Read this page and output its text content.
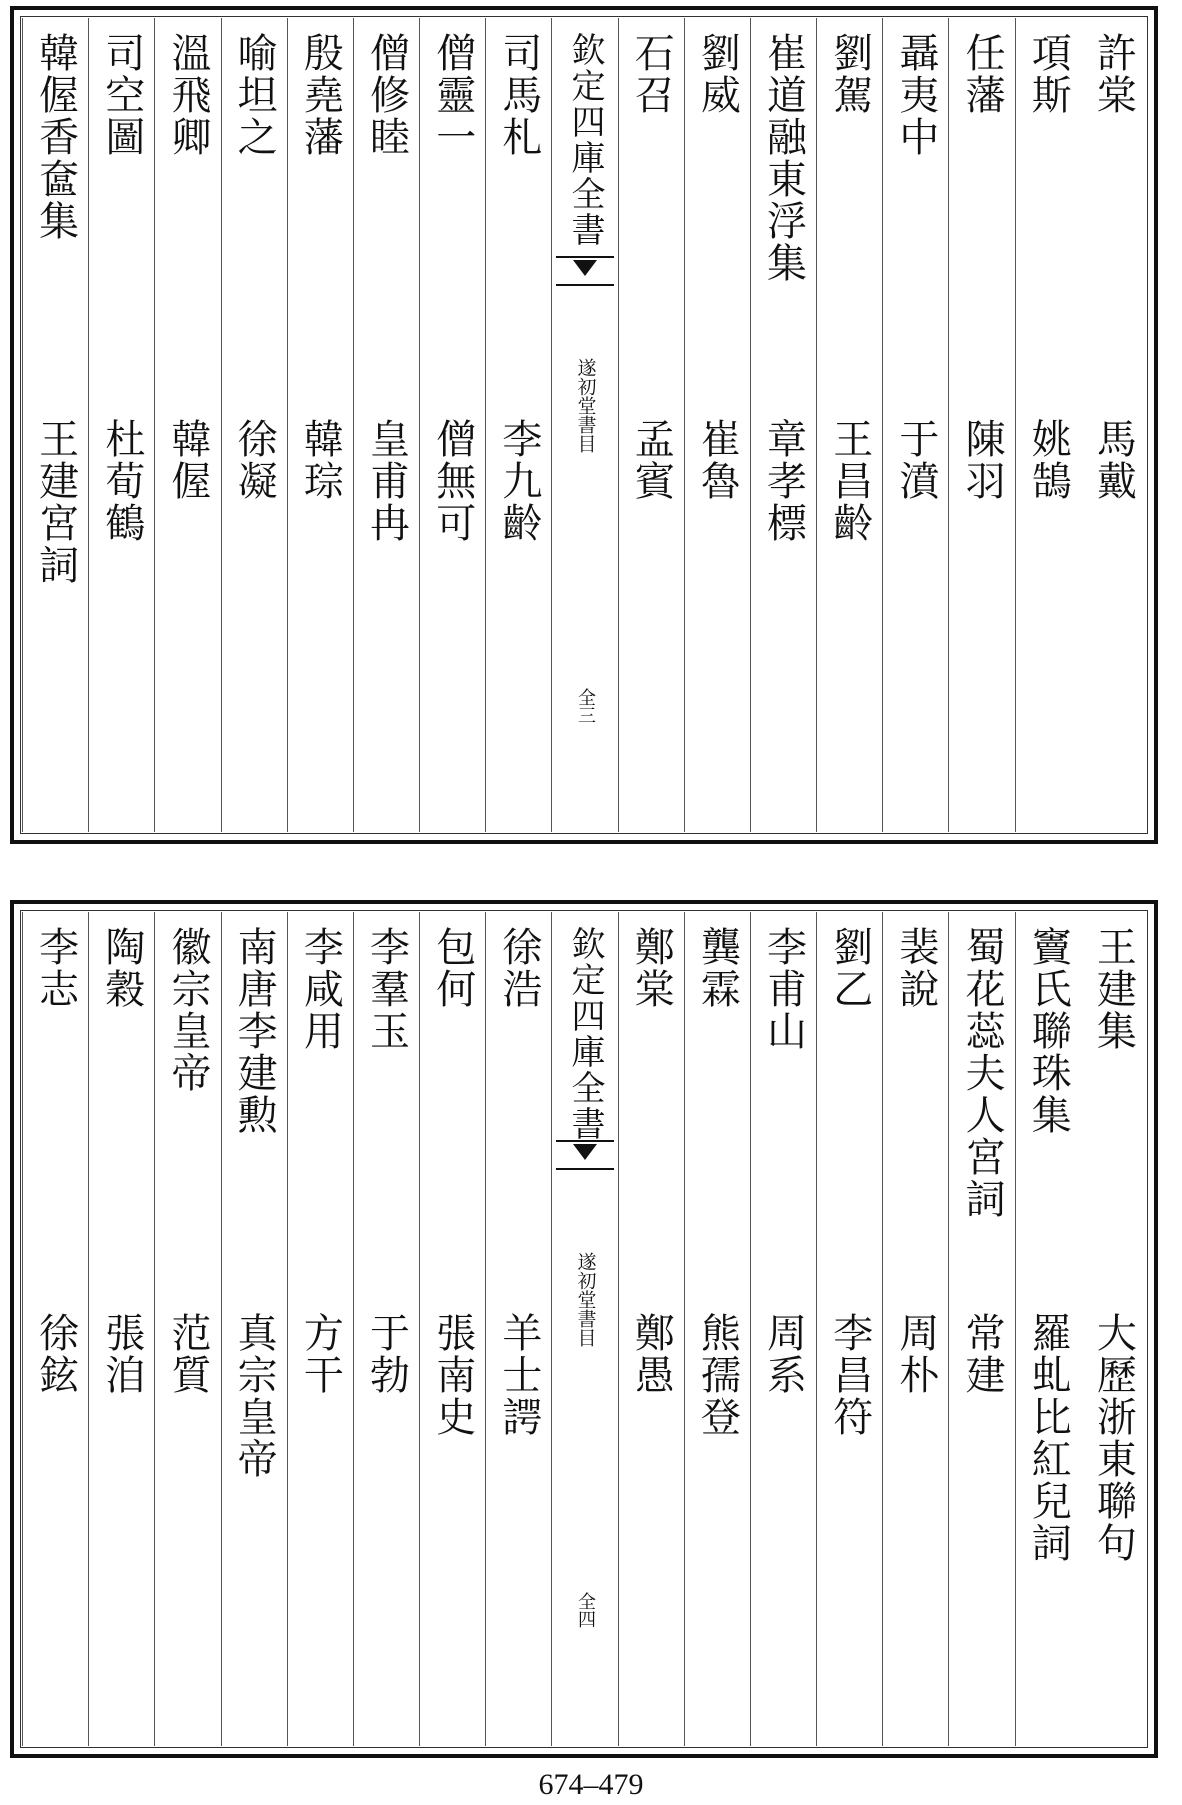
許棠
馬戴
項斯
姚鵠
任藩
陳羽
聶夷中
于濆
劉駕
王昌齡
崔道融東浮集
章孝標
劉威
崔魯
石召
孟賓
欽定四庫全書
遂初堂書目
全三
司馬札
李九齡
僧靈一
僧無可
僧修睦
皇甫冉
殷堯藩
韓琮
喻坦之
徐凝
溫飛卿
韓偓
司空圖
杜荀鶴
韓偓香奩集
王建宮詞
王建集
大歷浙東聯句
竇氏聯珠集
羅虬比紅兒詞
蜀花蕊夫人宮詞
常建
裴說
周朴
劉乙
李昌符
李甫山
周系
龔霖
熊孺登
鄭棠
鄭愚
欽定四庫全書
遂初堂書目
全四
徐浩
羊士諤
包何
張南史
李羣玉
于勃
李咸用
方干
南唐李建勲
真宗皇帝
徽宗皇帝
范質
陶穀
張洎
李志
徐鉉
674–479
